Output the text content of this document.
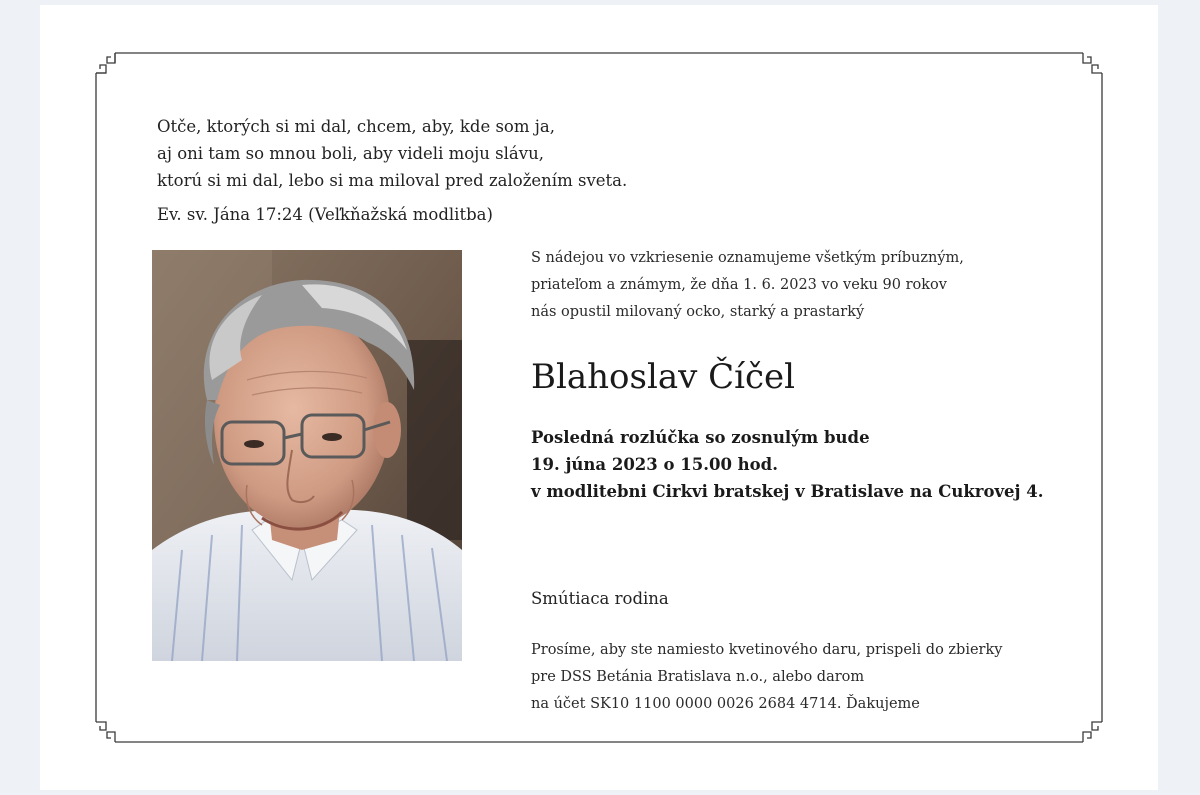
Otče, ktorých si mi dal, chcem, aby, kde som ja,
aj oni tam so mnou boli, aby videli moju slávu,
ktorú si mi dal, lebo si ma miloval pred založením sveta.
Ev. sv. Jána 17:24 (Veľkňažská modlitba)
S nádejou vo vzkriesenie oznamujeme všetkým príbuzným,
priateľom a známym, že dňa 1. 6. 2023 vo veku 90 rokov
nás opustil milovaný ocko, starký a prastarký
Blahoslav Číčel
Posledná rozlúčka so zosnulým bude
19. júna 2023 o 15.00 hod.
v modlitebni Cirkvi bratskej v Bratislave na Cukrovej 4.
Smútiaca rodina
Prosíme, aby ste namiesto kvetinového daru, prispeli do zbierky
pre DSS Betánia Bratislava n.o., alebo darom
na účet SK10 1100 0000 0026 2684 4714. Ďakujeme
